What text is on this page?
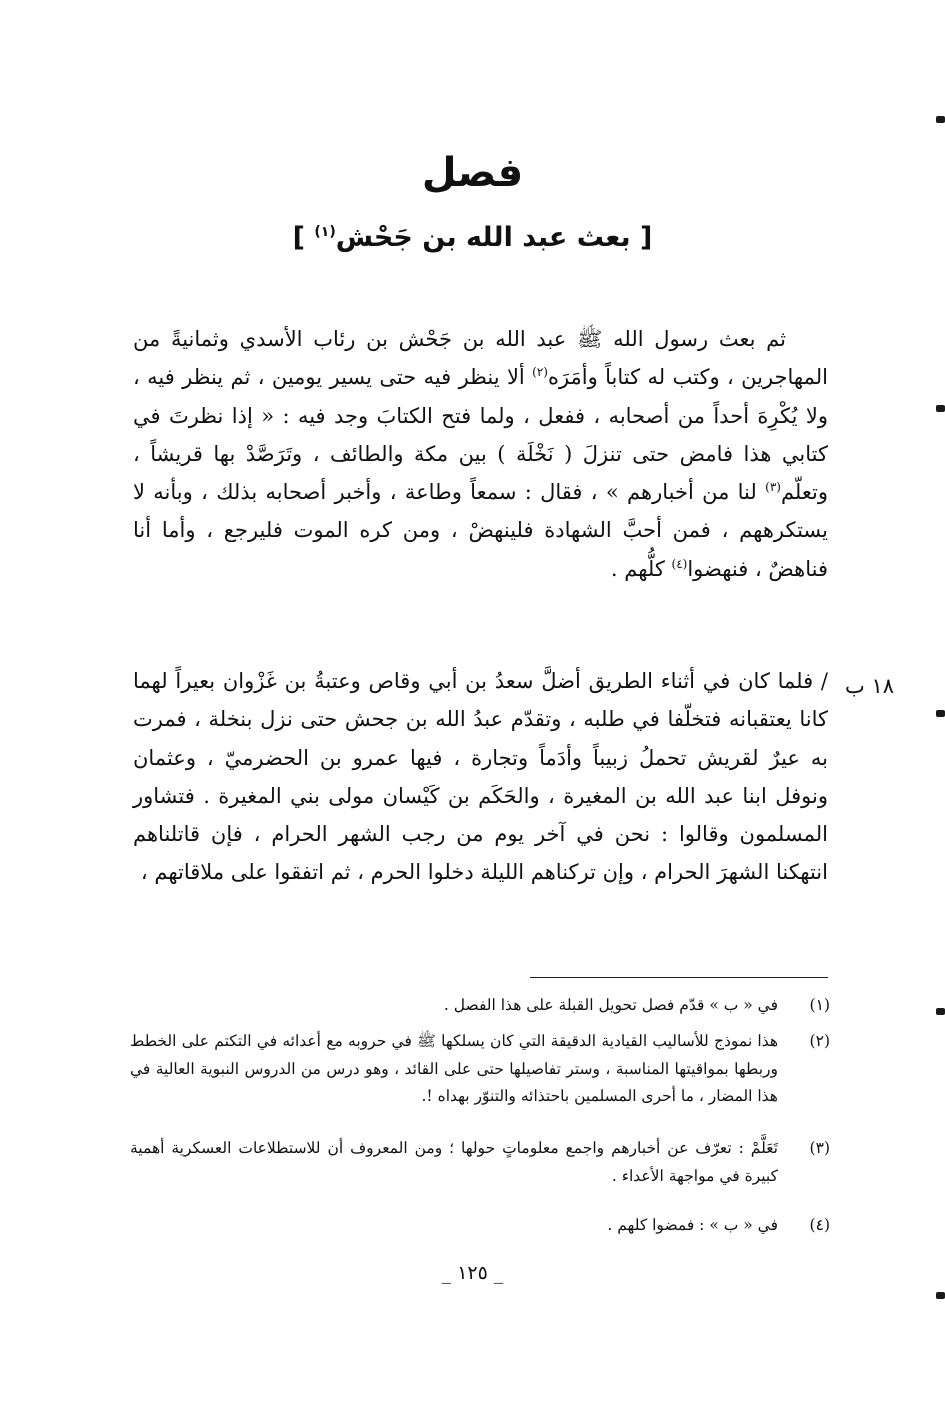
فصل
[ بعث عبد الله بن جَحْش$^{(١)}$ ]
ثم بعث رسول الله ﷺ عبد الله بن جَحْش بن رئاب الأسدي وثمانيةً من المهاجرين ، وكتب له كتاباً وأمَرَه$^{(٢)}$ ألا ينظر فيه حتى يسير يومين ، ثم ينظر فيه ، ولا يُكْرِهَ أحداً من أصحابه ، ففعل ، ولما فتح الكتابَ وجد فيه : « إذا نظرتَ في كتابي هذا فامض حتى تنزلَ ( نَخْلَة ) بين مكة والطائف ، وتَرَصَّدْ بها قريشاً ، وتعلّم$^{(٣)}$ لنا من أخبارهم » ، فقال : سمعاً وطاعة ، وأخبر أصحابه بذلك ، وبأنه لا يستكرههم ، فمن أحبَّ الشهادة فلينهضْ ، ومن كره الموت فليرجع ، وأما أنا فناهضٌ ، فنهضوا$^{(٤)}$ كلُّهم .
١٨ ب
/ فلما كان في أثناء الطريق أضلَّ سعدُ بن أبي وقاص وعتبةُ بن غَزْوان بعيراً لهما كانا يعتقبانه فتخلّفا في طلبه ، وتقدّم عبدُ الله بن جحش حتى نزل بنخلة ، فمرت به عيرٌ لقريش تحملُ زبيباً وأدَماً وتجارة ، فيها عمرو بن الحضرميّ ، وعثمان ونوفل ابنا عبد الله بن المغيرة ، والحَكَم بن كَيْسان مولى بني المغيرة . فتشاور المسلمون وقالوا : نحن في آخر يوم من رجب الشهر الحرام ، فإن قاتلناهم انتهكنا الشهرَ الحرام ، وإن تركناهم الليلة دخلوا الحرم ، ثم اتفقوا على ملاقاتهم ،
(١)
في « ب » قدّم فصل تحويل القبلة على هذا الفصل .
(٢)
هذا نموذج للأساليب القيادية الدقيقة التي كان يسلكها ﷺ في حروبه مع أعدائه في التكتم على الخطط وربطها بمواقيتها المناسبة ، وستر تفاصيلها حتى على القائد ، وهو درس من الدروس النبوية العالية في هذا المضار ، ما أحرى المسلمين باحتذائه والتنوّر بهداه !.
(٣)
تَعَلَّمْ : تعرّف عن أخبارهم واجمع معلوماتٍ حولها ؛ ومن المعروف أن للاستطلاعات العسكرية أهمية كبيرة في مواجهة الأعداء .
(٤)
في « ب » : فمضوا كلهم .
_ ١٢٥ _
